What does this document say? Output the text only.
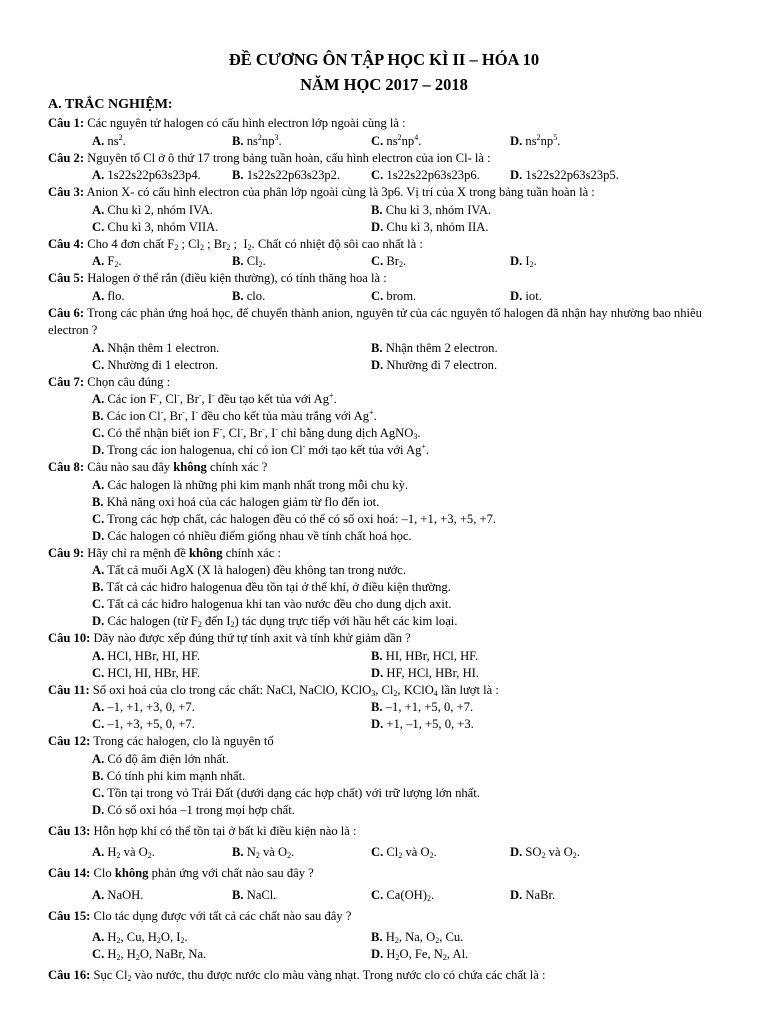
ĐỀ CƯƠNG ÔN TẬP HỌC KÌ II – HÓA 10
NĂM HỌC 2017 – 2018
A. TRẮC NGHIỆM:
Câu 1: Các nguyên tử halogen có cấu hình electron lớp ngoài cùng là :
A. $ns^2$.	B. $ns^2np^3$.	C. $ns^2np^4$.	D. $ns^2np^5$.
Câu 2: Nguyên tố Cl ở ô thứ 17 trong bảng tuần hoàn, cấu hình electron của ion Cl- là :
A. 1s22s22p63s23p4. B. 1s22s22p63s23p2. C. 1s22s22p63s23p6. D. 1s22s22p63s23p5.
Câu 3: Anion X- có cấu hình electron của phân lớp ngoài cùng là 3p6. Vị trí của X trong bảng tuần hoàn là :
A. Chu kì 2, nhóm IVA.	B. Chu kì 3, nhóm IVA.
C. Chu kì 3, nhóm VIIA.	D. Chu kì 3, nhóm IIA.
Câu 4: Cho 4 đơn chất $F_2$ ; $Cl_2$ ; $Br_2$ ;  $I_2$. Chất có nhiệt độ sôi cao nhất là :
A. $F_2$.	B. $Cl_2$.	C. $Br_2$.	D. $I_2$.
Câu 5: Halogen ở thể rắn (điều kiện thường), có tính thăng hoa là :
A. flo.	B. clo.	C. brom.	D. iot.
Câu 6: Trong các phản ứng hoá học, để chuyển thành anion, nguyên tử của các nguyên tố halogen đã nhận hay nhường bao nhiêu electron ?
A. Nhận thêm 1 electron.	B. Nhận thêm 2 electron.
C. Nhường đi 1 electron.	D. Nhường đi 7 electron.
Câu 7: Chọn câu đúng :
A. Các ion F-, Cl-, Br-, I- đều tạo kết tủa với Ag+.
B. Các ion Cl-, Br-, I- đều cho kết tủa màu trắng với Ag+.
C. Có thể nhận biết ion F-, Cl-, Br-, I- chỉ bằng dung dịch AgNO$_3$.
D. Trong các ion halogenua, chỉ có ion Cl- mới tạo kết tủa với Ag+.
Câu 8: Câu nào sau đây không chính xác ?
A. Các halogen là những phi kim mạnh nhất trong mỗi chu kỳ.
B. Khả năng oxi hoá của các halogen giảm từ flo đến iot.
C. Trong các hợp chất, các halogen đều có thể có số oxi hoá: –1, +1, +3, +5, +7.
D. Các halogen có nhiều điểm giống nhau về tính chất hoá học.
Câu 9: Hãy chỉ ra mệnh đề không chính xác :
A. Tất cả muối AgX (X là halogen) đều không tan trong nước.
B. Tất cả các hiđro halogenua đều tồn tại ở thể khí, ở điều kiện thường.
C. Tất cả các hiđro halogenua khi tan vào nước đều cho dung dịch axit.
D. Các halogen (từ $F_2$ đến $I_2$) tác dụng trực tiếp với hầu hết các kim loại.
Câu 10: Dãy nào được xếp đúng thứ tự tính axit và tính khử giảm dần ?
A. HCl, HBr, HI, HF.	B. HI, HBr, HCl, HF.
C. HCl, HI, HBr, HF.	D. HF, HCl, HBr, HI.
Câu 11: Số oxi hoá của clo trong các chất: NaCl, NaClO, KClO$_3$, $Cl_2$, KClO$_4$ lần lượt là :
A. –1, +1, +3, 0, +7.	B. –1, +1, +5, 0, +7.
C. –1, +3, +5, 0, +7.	D. +1, –1, +5, 0, +3.
Câu 12: Trong các halogen, clo là nguyên tố
A. Có độ âm điện lớn nhất.
B. Có tính phi kim mạnh nhất.
C. Tồn tại trong vỏ Trái Đất (dưới dạng các hợp chất) với trữ lượng lớn nhất.
D. Có số oxi hóa –1 trong mọi hợp chất.
Câu 13: Hỗn hợp khí có thể tồn tại ở bất kì điều kiện nào là :
A. $H_2$ và $O_2$.	B. $N_2$ và $O_2$.	C. $Cl_2$ và $O_2$.	D. $SO_2$ và $O_2$.
Câu 14: Clo không phản ứng với chất nào sau đây ?
A. NaOH.	B. NaCl.	C. $Ca(OH)_2$.	D. NaBr.
Câu 15: Clo tác dụng được với tất cả các chất nào sau đây ?
A. $H_2$, Cu, $H_2O$, $I_2$.	B. $H_2$, Na, $O_2$, Cu.
C. $H_2$, $H_2O$, NaBr, Na.	D. $H_2O$, Fe, $N_2$, Al.
Câu 16: Sục $Cl_2$ vào nước, thu được nước clo màu vàng nhạt. Trong nước clo có chứa các chất là :
